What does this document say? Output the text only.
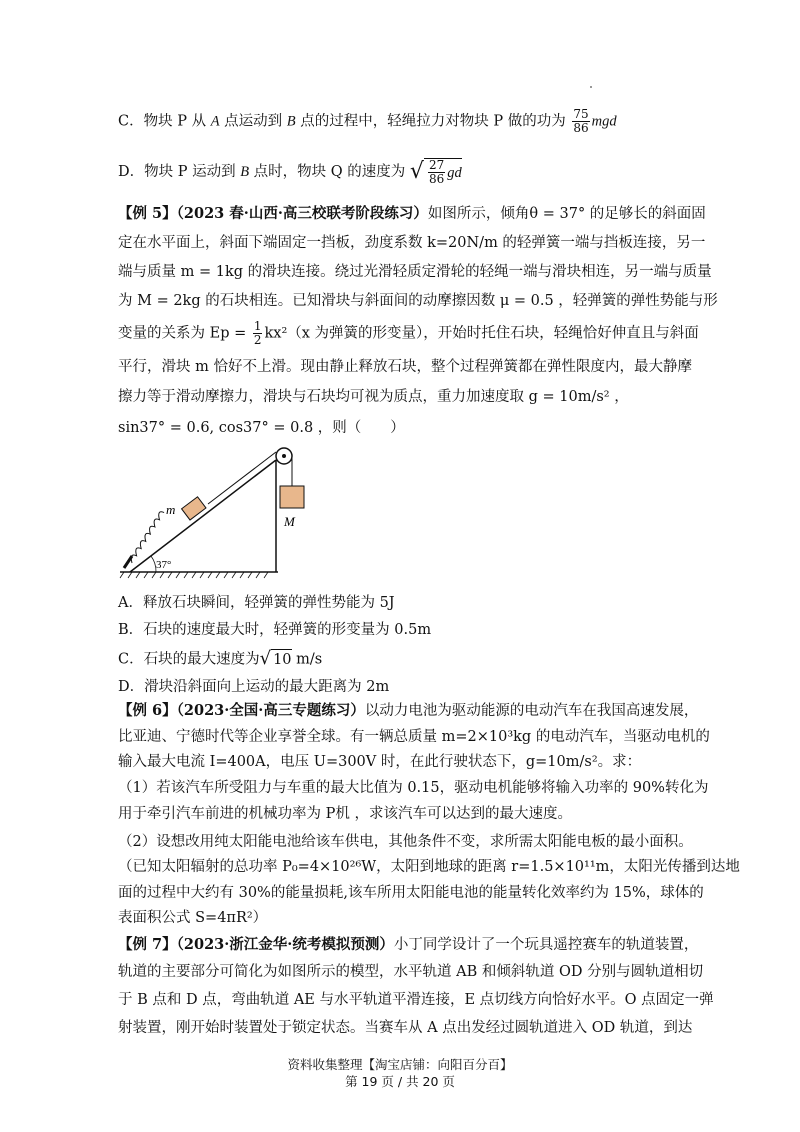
C．物块 P 从 A 点运动到 B 点的过程中，轻绳拉力对物块 P 做的功为 $\frac{75}{86}$ mgd
D．物块 P 运动到 B 点时，物块 Q 的速度为 √ $\frac{27}{86}$ gd
【例 5】（2023 春·山西·高三校联考阶段练习）如图所示，倾角θ = 37° 的足够长的斜面固
定在水平面上，斜面下端固定一挡板，劲度系数 k=20N/m 的轻弹簧一端与挡板连接，另一
端与质量 m = 1kg 的滑块连接。绕过光滑轻质定滑轮的轻绳一端与滑块相连，另一端与质量
为 M = 2kg 的石块相连。已知滑块与斜面间的动摩擦因数 μ = 0.5 ，轻弹簧的弹性势能与形
变量的关系为 $Ep = \frac{1}{2} kx^2(x$ 为弹簧的形变量），开始时托住石块，轻绳恰好伸直且与斜面
平行，滑块 m 恰好不上滑。现由静止释放石块，整个过程弹簧都在弹性限度内，最大静摩
擦力等于滑动摩擦力，滑块与石块均可视为质点，重力加速度取 g = 10m/s² ，
sin37° = 0.6, cos37° = 0.8 ，则（　　）
m
M
37°
A．释放石块瞬间，轻弹簧的弹性势能为 5J
B．石块的速度最大时，轻弹簧的形变量为 0.5m
C．石块的最大速度为 √ 10 m/s
D．滑块沿斜面向上运动的最大距离为 2m
【例 6】（2023·全国·高三专题练习）以动力电池为驱动能源的电动汽车在我国高速发展，
比亚迪、宁德时代等企业享誉全球。有一辆总质量 m=2×10³kg 的电动汽车，当驱动电机的
输入最大电流 I=400A，电压 U=300V 时，在此行驶状态下，g=10m/s²。求：
（1）若该汽车所受阻力与车重的最大比值为 0.15，驱动电机能够将输入功率的 90%转化为
用于牵引汽车前进的机械功率为 P机 ，求该汽车可以达到的最大速度。
（2）设想改用纯太阳能电池给该车供电，其他条件不变，求所需太阳能电板的最小面积。
（已知太阳辐射的总功率 P₀=4×10²⁶W，太阳到地球的距离 r=1.5×10¹¹m，太阳光传播到达地
面的过程中大约有 30%的能量损耗,该车所用太阳能电池的能量转化效率约为 15%，球体的
表面积公式 S=4πR²）
【例 7】（2023·浙江金华·统考模拟预测）小丁同学设计了一个玩具遥控赛车的轨道装置，
轨道的主要部分可简化为如图所示的模型，水平轨道 AB 和倾斜轨道 OD 分别与圆轨道相切
于 B 点和 D 点，弯曲轨道 AE 与水平轨道平滑连接，E 点切线方向恰好水平。O 点固定一弹
射装置，刚开始时装置处于锁定状态。当赛车从 A 点出发经过圆轨道进入 OD 轨道，到达
资料收集整理【淘宝店铺：向阳百分百】
第 19 页 / 共 20 页
